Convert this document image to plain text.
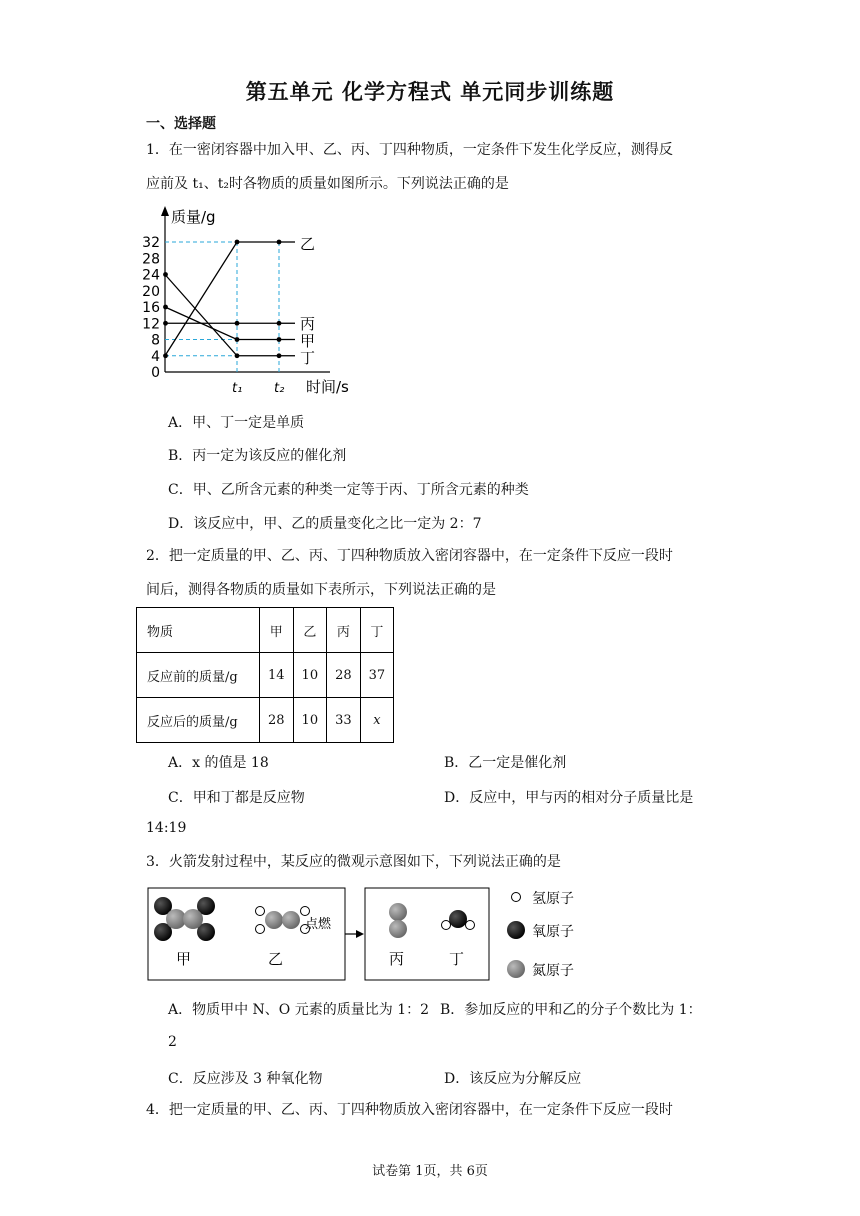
第五单元 化学方程式 单元同步训练题
一、选择题
1．在一密闭容器中加入甲、乙、丙、丁四种物质，一定条件下发生化学反应，测得反
应前及 t₁、t₂时各物质的质量如图所示。下列说法正确的是
质量/g
32
28
24
20
16
12
8
4
0
t₁ t₂ 时间/s
乙
丙
甲
丁
A．甲、丁一定是单质
B．丙一定为该反应的催化剂
C．甲、乙所含元素的种类一定等于丙、丁所含元素的种类
D．该反应中，甲、乙的质量变化之比一定为 2：7
2．把一定质量的甲、乙、丙、丁四种物质放入密闭容器中，在一定条件下反应一段时
间后，测得各物质的质量如下表所示，下列说法正确的是
物质	甲	乙	丙	丁
反应前的质量/g	14	10	28	37
反应后的质量/g	28	10	33	x
A．x 的值是 18	B．乙一定是催化剂
C．甲和丁都是反应物	D．反应中，甲与丙的相对分子质量比是
14:19
3．火箭发射过程中，某反应的微观示意图如下，下列说法正确的是
甲	乙
点燃
丙	丁
氢原子
氧原子
氮原子
A．物质甲中 N、O 元素的质量比为 1：2 B．参加反应的甲和乙的分子个数比为 1：
2
C．反应涉及 3 种氧化物	D．该反应为分解反应
4．把一定质量的甲、乙、丙、丁四种物质放入密闭容器中，在一定条件下反应一段时
试卷第 1页，共 6页
